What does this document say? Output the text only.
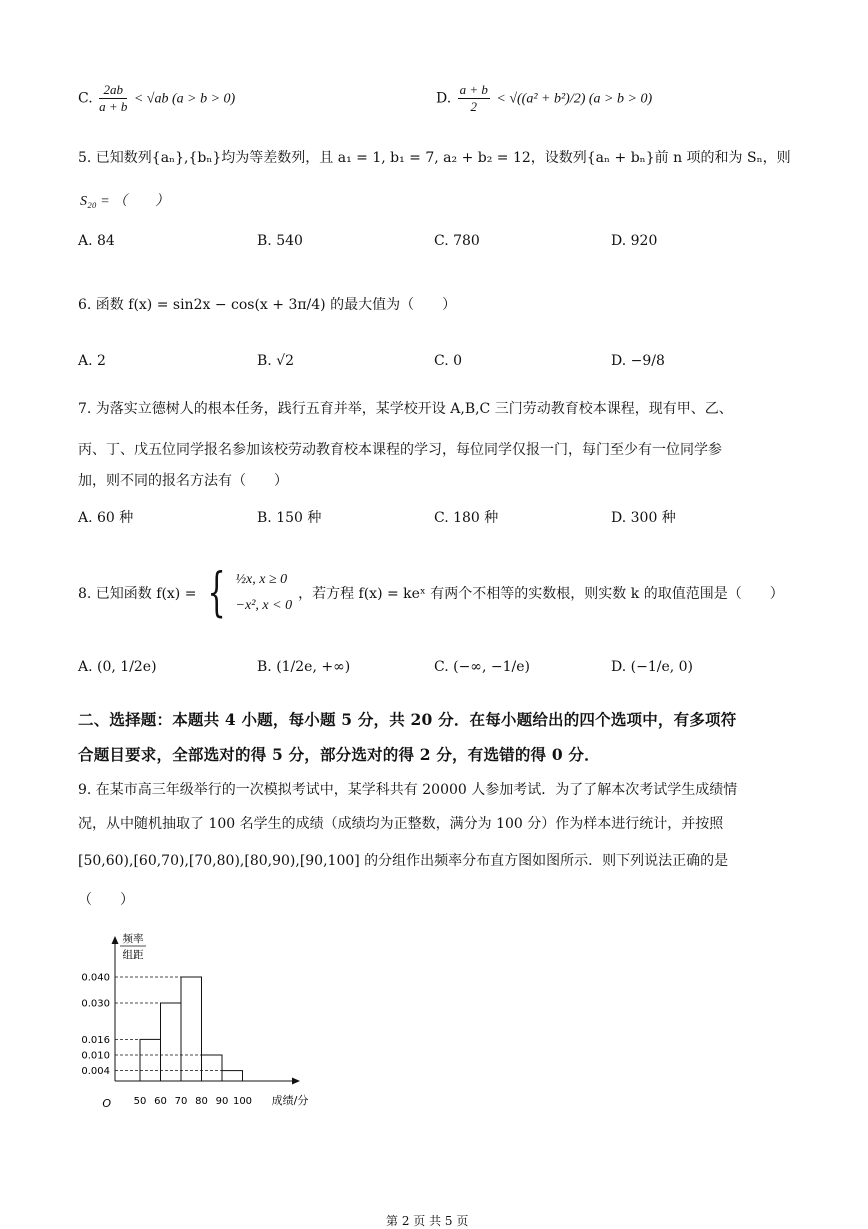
C. $\frac{2ab}{a + b} < √ab$ (a > b > 0)	D. $\frac{a + b}{2} < √((a^2 + b^2)/2) (a > b > 0)$
5. 已知数列{aₙ},{bₙ}均为等差数列，且 a₁ = 1, b₁ = 7, a₂ + b₂ = 12，设数列{aₙ + bₙ}前 n 项的和为 Sₙ，则
S₂₀ = （　　）
A. 84	B. 540	C. 780	D. 920
6. 函数 f(x) = sin2x − cos(x + 3π/4) 的最大值为（　　）
A. 2	B. √2	C. 0	D. −9/8
7. 为落实立德树人的根本任务，践行五育并举，某学校开设 A,B,C 三门劳动教育校本课程，现有甲、乙、
丙、丁、戊五位同学报名参加该校劳动教育校本课程的学习，每位同学仅报一门，每门至少有一位同学参
加，则不同的报名方法有（　　）
A. 60 种	B. 150 种	C. 180 种	D. 300 种
8. 已知函数 f(x) = { ½x, x ≥ 0
−x², x < 0
，若方程 f(x) = keˣ 有两个不相等的实数根，则实数 k 的取值范围是（　　）
A. (0, 1/2e)	B. (1/2e, +∞)	C. (−∞, −1/e)	D. (−1/e, 0)
二、选择题：本题共 4 小题，每小题 5 分，共 20 分．在每小题给出的四个选项中，有多项符
合题目要求，全部选对的得 5 分，部分选对的得 2 分，有选错的得 0 分．
9. 在某市高三年级举行的一次模拟考试中，某学科共有 20000 人参加考试．为了了解本次考试学生成绩情
况，从中随机抽取了 100 名学生的成绩（成绩均为正整数，满分为 100 分）作为样本进行统计，并按照
[50,60),[60,70),[70,80),[80,90),[90,100] 的分组作出频率分布直方图如图所示．则下列说法正确的是
（　　）
频率
组距
0.040
0.030
0.016
0.010
0.004
50 60 70 80 90 100
O	成绩/分
第 2 页 共 5 页
